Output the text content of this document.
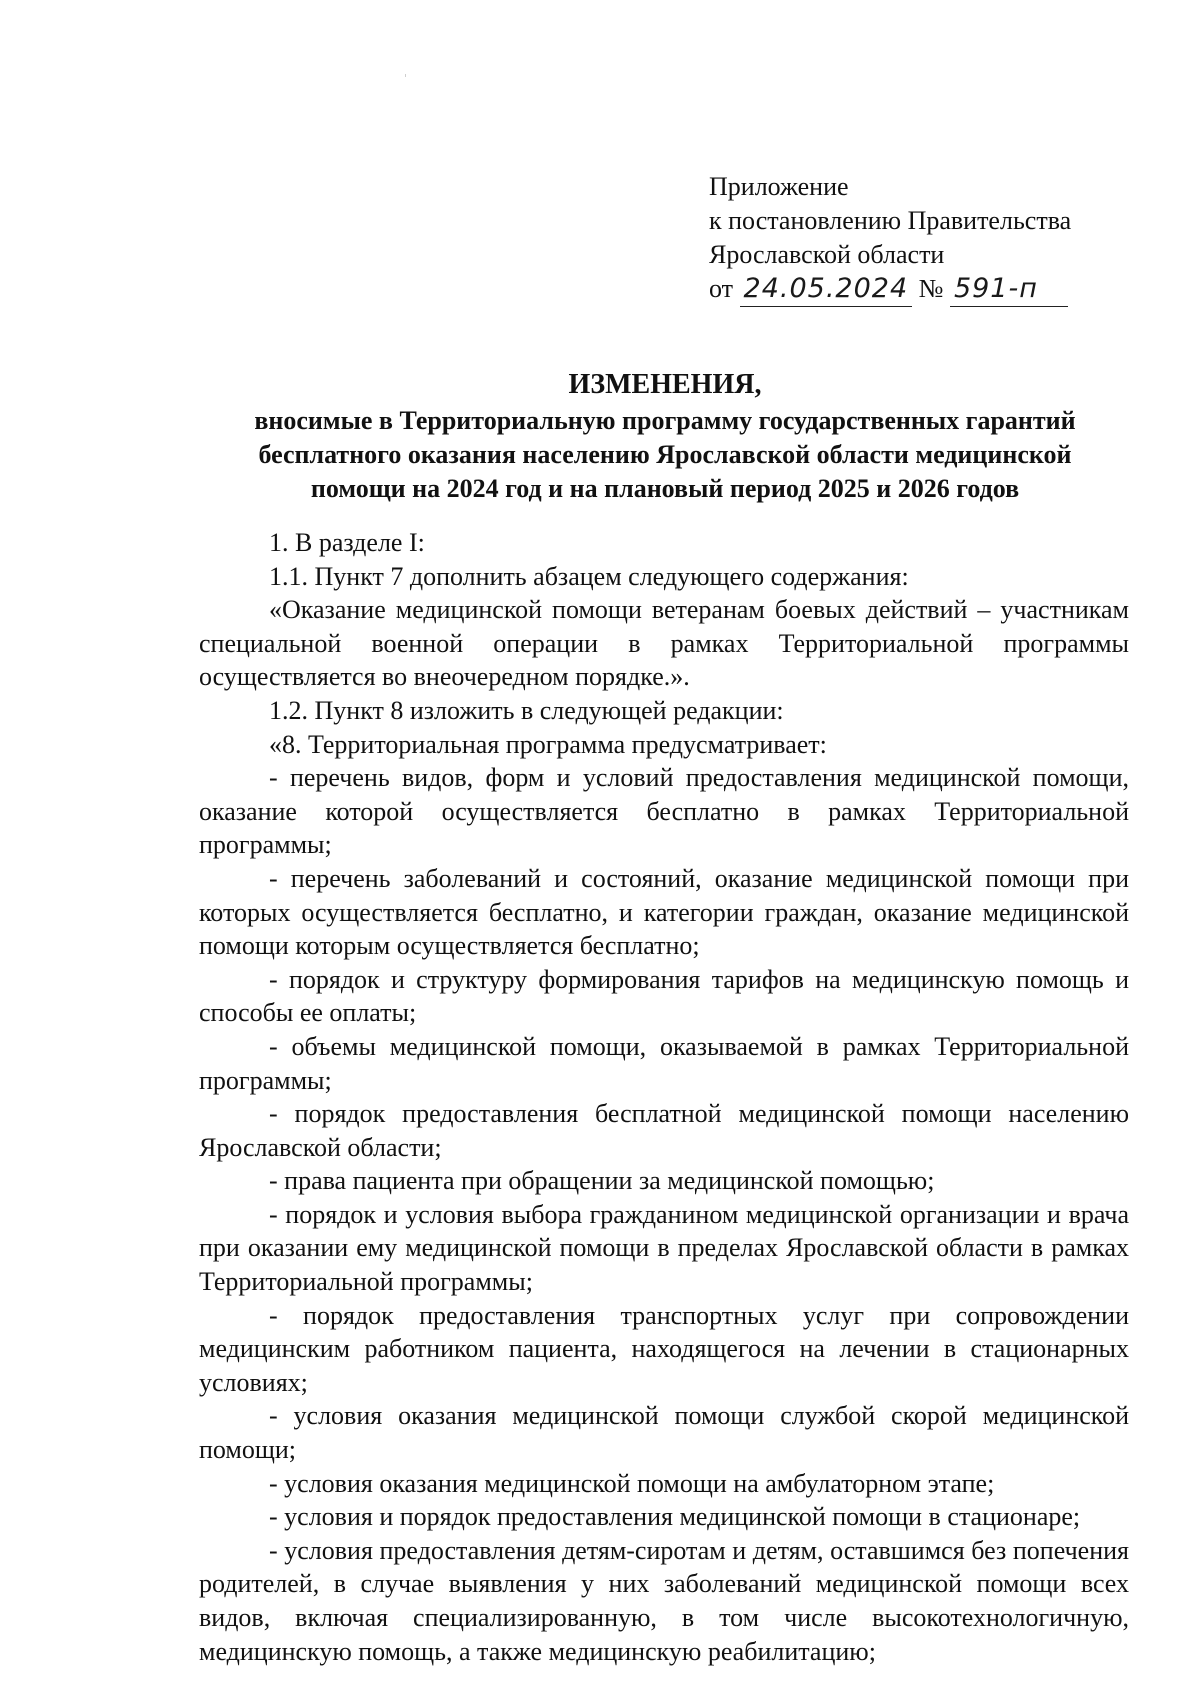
Приложение
к постановлению Правительства
Ярославской области
от 24.05.2024 № 591-п
ИЗМЕНЕНИЯ,
вносимые в Территориальную программу государственных гарантий
бесплатного оказания населению Ярославской области медицинской
помощи на 2024 год и на плановый период 2025 и 2026 годов

1. В разделе I:

1.1. Пункт 7 дополнить абзацем следующего содержания:

«Оказание медицинской помощи ветеранам боевых действий – участникам специальной военной операции в рамках Территориальной программы осуществляется во внеочередном порядке.».

1.2. Пункт 8 изложить в следующей редакции:

«8. Территориальная программа предусматривает:

- перечень видов, форм и условий предоставления медицинской помощи, оказание которой осуществляется бесплатно в рамках Территориальной программы;

- перечень заболеваний и состояний, оказание медицинской помощи при которых осуществляется бесплатно, и категории граждан, оказание медицинской помощи которым осуществляется бесплатно;

- порядок и структуру формирования тарифов на медицинскую помощь и способы ее оплаты;

- объемы медицинской помощи, оказываемой в рамках Территориальной программы;

- порядок предоставления бесплатной медицинской помощи населению Ярославской области;

- права пациента при обращении за медицинской помощью;

- порядок и условия выбора гражданином медицинской организации и врача при оказании ему медицинской помощи в пределах Ярославской области в рамках Территориальной программы;

- порядок предоставления транспортных услуг при сопровождении медицинским работником пациента, находящегося на лечении в стационарных условиях;

- условия оказания медицинской помощи службой скорой медицинской помощи;

- условия оказания медицинской помощи на амбулаторном этапе;

- условия и порядок предоставления медицинской помощи в стационаре;

- условия предоставления детям-сиротам и детям, оставшимся без попечения родителей, в случае выявления у них заболеваний медицинской помощи всех видов, включая специализированную, в том числе высокотехнологичную, медицинскую помощь, а также медицинскую реабилитацию;
